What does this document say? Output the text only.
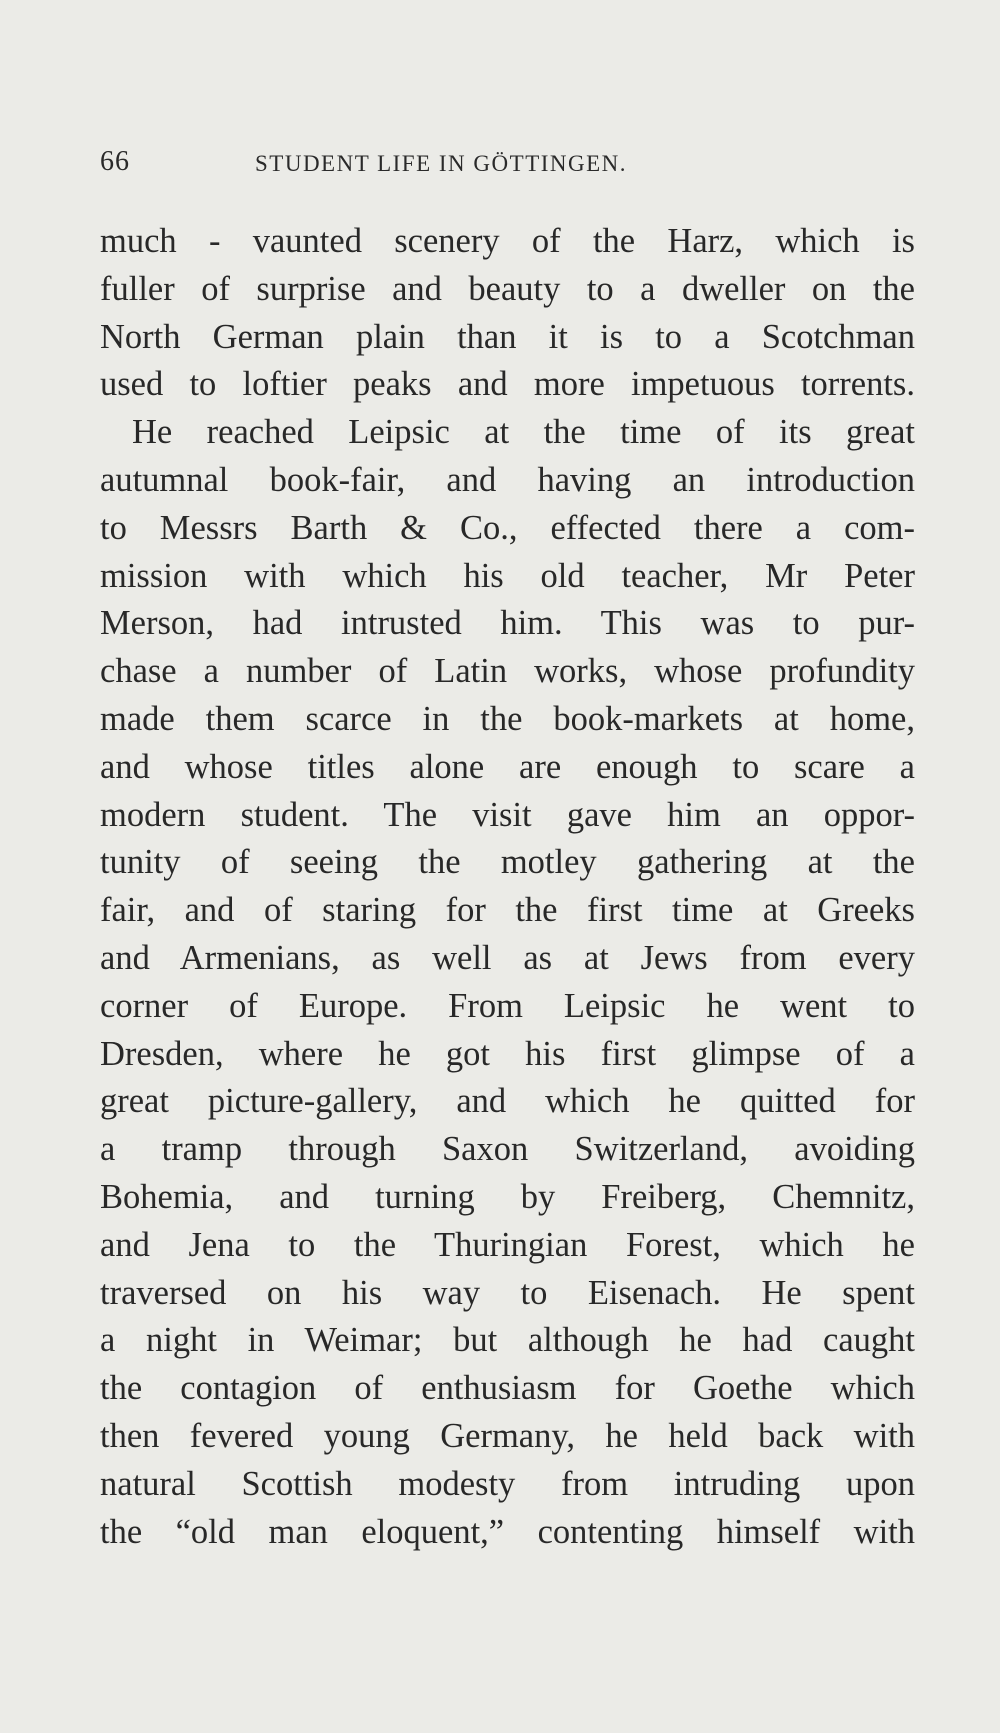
66	STUDENT LIFE IN GÖTTINGEN.
much - vaunted scenery of the Harz, which is
fuller of surprise and beauty to a dweller on the
North German plain than it is to a Scotchman
used to loftier peaks and more impetuous torrents.
He reached Leipsic at the time of its great
autumnal book-fair, and having an introduction
to Messrs Barth & Co., effected there a com-
mission with which his old teacher, Mr Peter
Merson, had intrusted him. This was to pur-
chase a number of Latin works, whose profundity
made them scarce in the book-markets at home,
and whose titles alone are enough to scare a
modern student. The visit gave him an oppor-
tunity of seeing the motley gathering at the
fair, and of staring for the first time at Greeks
and Armenians, as well as at Jews from every
corner of Europe. From Leipsic he went to
Dresden, where he got his first glimpse of a
great picture-gallery, and which he quitted for
a tramp through Saxon Switzerland, avoiding
Bohemia, and turning by Freiberg, Chemnitz,
and Jena to the Thuringian Forest, which he
traversed on his way to Eisenach. He spent
a night in Weimar; but although he had caught
the contagion of enthusiasm for Goethe which
then fevered young Germany, he held back with
natural Scottish modesty from intruding upon
the “old man eloquent,” contenting himself with
